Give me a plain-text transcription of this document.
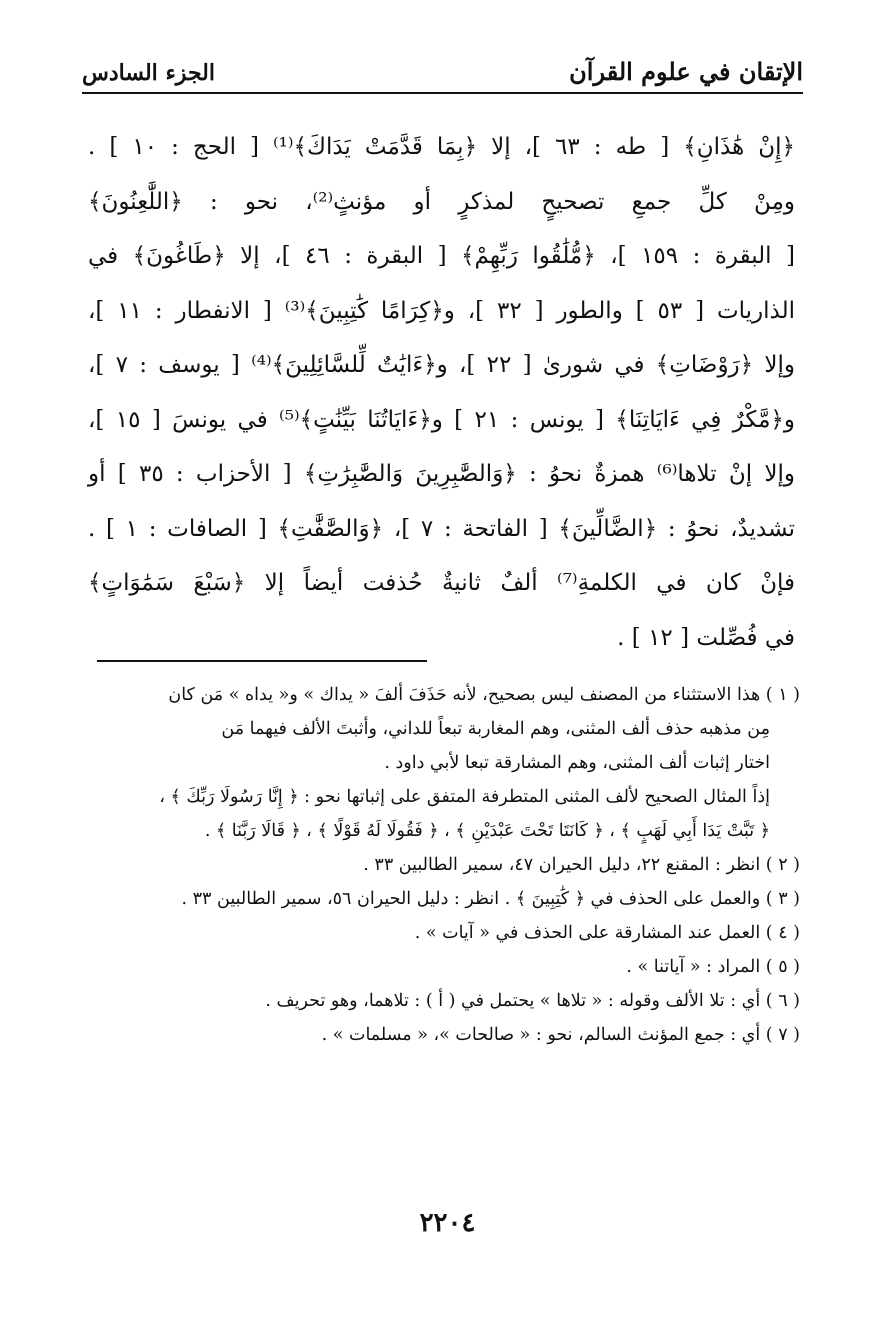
الإتقان في علوم القرآن
الجزء السادس
﴿إِنْ هَٰذَانِ﴾ [ طه : ٦٣ ]، إلا ﴿بِمَا قَدَّمَتْ يَدَاكَ﴾⁽¹⁾ [ الحج : ١٠ ] .
ومِنْ كلِّ جمعِ تصحيحٍ لمذكرٍ أو مؤنثٍ⁽²⁾، نحو : ﴿اللَّٰعِنُونَ﴾
[ البقرة : ١٥٩ ]، ﴿مُّلَٰقُوا رَبِّهِمْ﴾ [ البقرة : ٤٦ ]، إلا ﴿طَاغُونَ﴾ في
الذاريات [ ٥٣ ] والطور [ ٣٢ ]، و﴿كِرَامًا كَٰتِبِينَ﴾⁽³⁾ [ الانفطار : ١١ ]،
وإلا ﴿رَوْضَاتِ﴾ في شورىٰ [ ٢٢ ]، و﴿ءَايَٰتٌ لِّلسَّائِلِينَ﴾⁽⁴⁾ [ يوسف : ٧ ]،
و﴿مَّكْرٌ فِي ءَايَاتِنَا﴾ [ يونس : ٢١ ] و﴿ءَايَاتُنَا بَيِّنَٰتٍ﴾⁽⁵⁾ في يونسَ [ ١٥ ]،
وإلا إنْ تلاها⁽⁶⁾ همزةٌ نحوُ : ﴿وَالصَّٰبِرِينَ وَالصَّٰبِرَٰتِ﴾ [ الأحزاب : ٣٥ ] أو
تشديدٌ، نحوُ : ﴿الضَّالِّينَ﴾ [ الفاتحة : ٧ ]، ﴿وَالصَّٰفَّٰتِ﴾ [ الصافات : ١ ] .
فإنْ كان في الكلمةِ⁽⁷⁾ ألفٌ ثانيةٌ حُذفت أيضاً إلا ﴿سَبْعَ سَمَٰوَاتٍ﴾
في فُصِّلت [ ١٢ ] .
( ١ ) هذا الاستثناء من المصنف ليس بصحيح، لأنه حَذَفَ ألفَ « يداك » و« يداه » مَن كان
مِن مذهبه حذف ألف المثنى، وهم المغاربة تبعاً للداني، وأثبتَ الألف فيهما مَن
اختار إثبات ألف المثنى، وهم المشارقة تبعا لأبي داود .
إذاً المثال الصحيح لألف المثنى المتطرفة المتفق على إثباتها نحو : ﴿ إِنَّا رَسُولَا رَبِّكَ ﴾ ،
﴿ تَبَّتْ يَدَا أَبِي لَهَبٍ ﴾ ، ﴿ كَانَتَا تَحْتَ عَبْدَيْنِ ﴾ ، ﴿ فَقُولَا لَهُ قَوْلًا ﴾ ، ﴿ قَالَا رَبَّنَا ﴾ .
( ٢ ) انظر : المقنع ٢٢، دليل الحيران ٤٧، سمير الطالبين ٣٣ .
( ٣ ) والعمل على الحذف في ﴿ كَٰتِبِينَ ﴾ . انظر : دليل الحيران ٥٦، سمير الطالبين ٣٣ .
( ٤ ) العمل عند المشارقة على الحذف في « آيات » .
( ٥ ) المراد : « آياتنا » .
( ٦ ) أي : تلا الألف وقوله : « تلاها » يحتمل في ( أ ) : تلاهما، وهو تحريف .
( ٧ ) أي : جمع المؤنث السالم، نحو : « صالحات »، « مسلمات » .
٢٢٠٤
